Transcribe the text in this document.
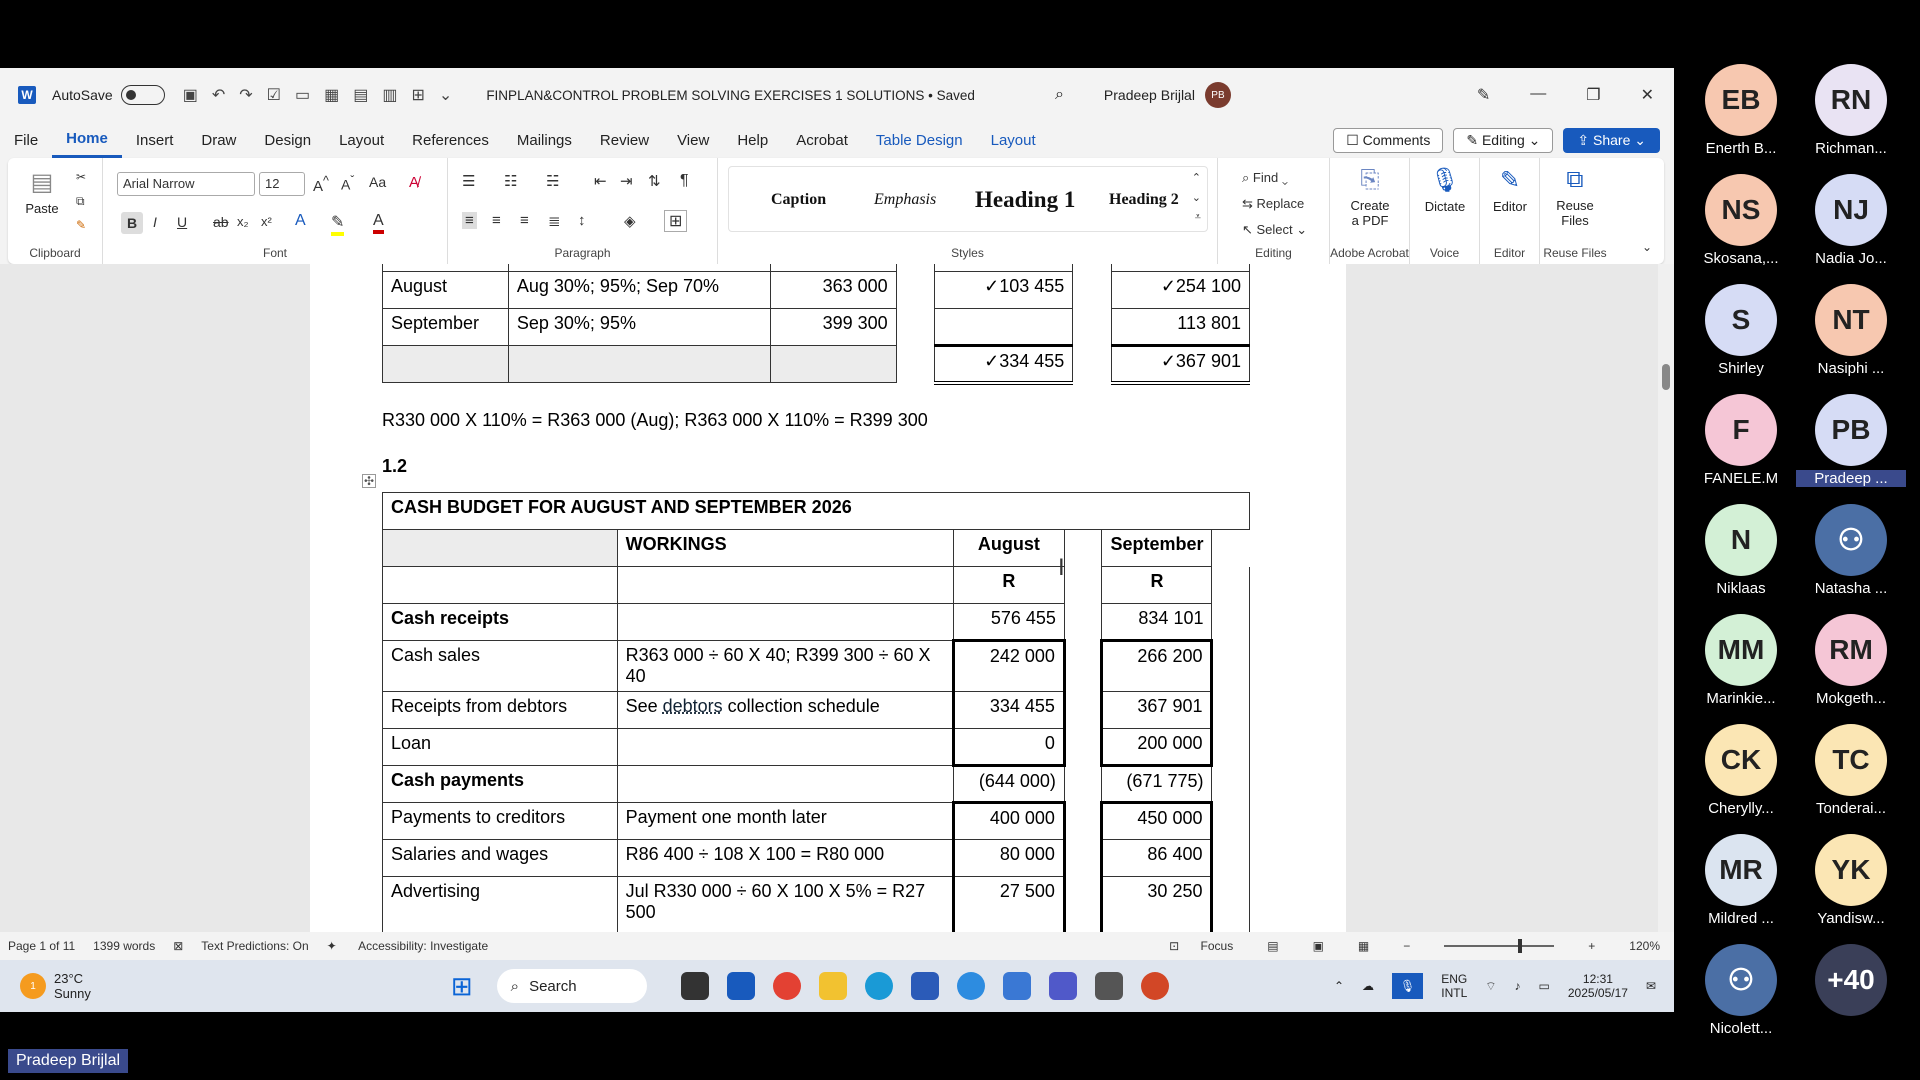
W AutoSave	▣ ↶ ↷ ☑ ▭ ▦ ▤ ▥ ⊞ ⌄	FINPLAN&CONTROL PROBLEM SOLVING EXERCISES 1 SOLUTIONS • Saved	⌕	Pradeep Brijlal	PB	✎	—	❐	✕
File	Home	Insert	Draw	Design	Layout	References	Mailings	Review	View	Help	Acrobat	Table Design	Layout	☐ Comments	✎ Editing ⌄	⇪ Share ⌄
▤
Paste
✂
⧉
✎
Clipboard
Arial Narrow	12	A^ $A^ˇ$ Aa A̸
B	I U ab x₂ x² A ✎ A
Font
☰ ☷ ☵ ⇤ ⇥ ⇅ ¶
≡ ≡ ≡ ≣ ↕	◈	⊞
Paragraph
Caption	Emphasis Heading 1 Heading 2
⌃
⌄
⩡
Styles
⌕ Find ⌄
⇆ Replace
↖ Select ⌄
Editing
⎘
Create
a PDF
Adobe Acrobat
🎙
Dictate
Voice
✎
Editor
Editor
⧉
Reuse
Files
Reuse Files	⌄

August	Aug 30%; 95%; Sep 70%	363 000		✓103 455		✓254 100
September	Sep 30%; 95%	399 300				113 801
				✓334 455		✓367 901
R330 000 X 110% = R363 000 (Aug); R363 000 X 110% = R399 300
✣
1.2
CASH BUDGET FOR AUGUST AND SEPTEMBER 2026					
	WORKINGS	August		September	
		R		R	
Cash receipts		576 455		834 101	
Cash sales	R363 000 ÷ 60 X 40; R399 300 ÷ 60 X 40	242 000		266 200	
Receipts from debtors	See debtors collection schedule	334 455		367 901	
Loan		0		200 000	
Cash payments		(644 000)		(671 775)	
Payments to creditors	Payment one month later	400 000		450 000	
Salaries and wages	R86 400 ÷ 108 X 100 = R80 000	80 000		86 400	
Advertising	Jul R330 000 ÷ 60 X 100 X 5% = R27 500	27 500		30 250	

I
Page 1 of 11 1399 words ⊠ Text Predictions: On ✦ Accessibility: Investigate	⊡ Focus	▤	▣	▦	−	+	120%
1	23°C
Sunny	⊞	⌕ Search	⌃ ☁	🎙	ENG
INTL
⌔ ♪ ▭	12:31
2025/05/17 ✉
EB
Enerth B...
RN
Richman...
NS
Skosana,...
NJ
Nadia Jo...
S
Shirley
NT
Nasiphi ...
F
FANELE.M
PB
Pradeep ...
N
Niklaas
⚇
Natasha ...
MM
Marinkie...
RM
Mokgeth...
CK
Cherylly...
TC
Tonderai...
MR
Mildred ...
YK
Yandisw...
⚇
Nicolett...
+40
Pradeep Brijlal
